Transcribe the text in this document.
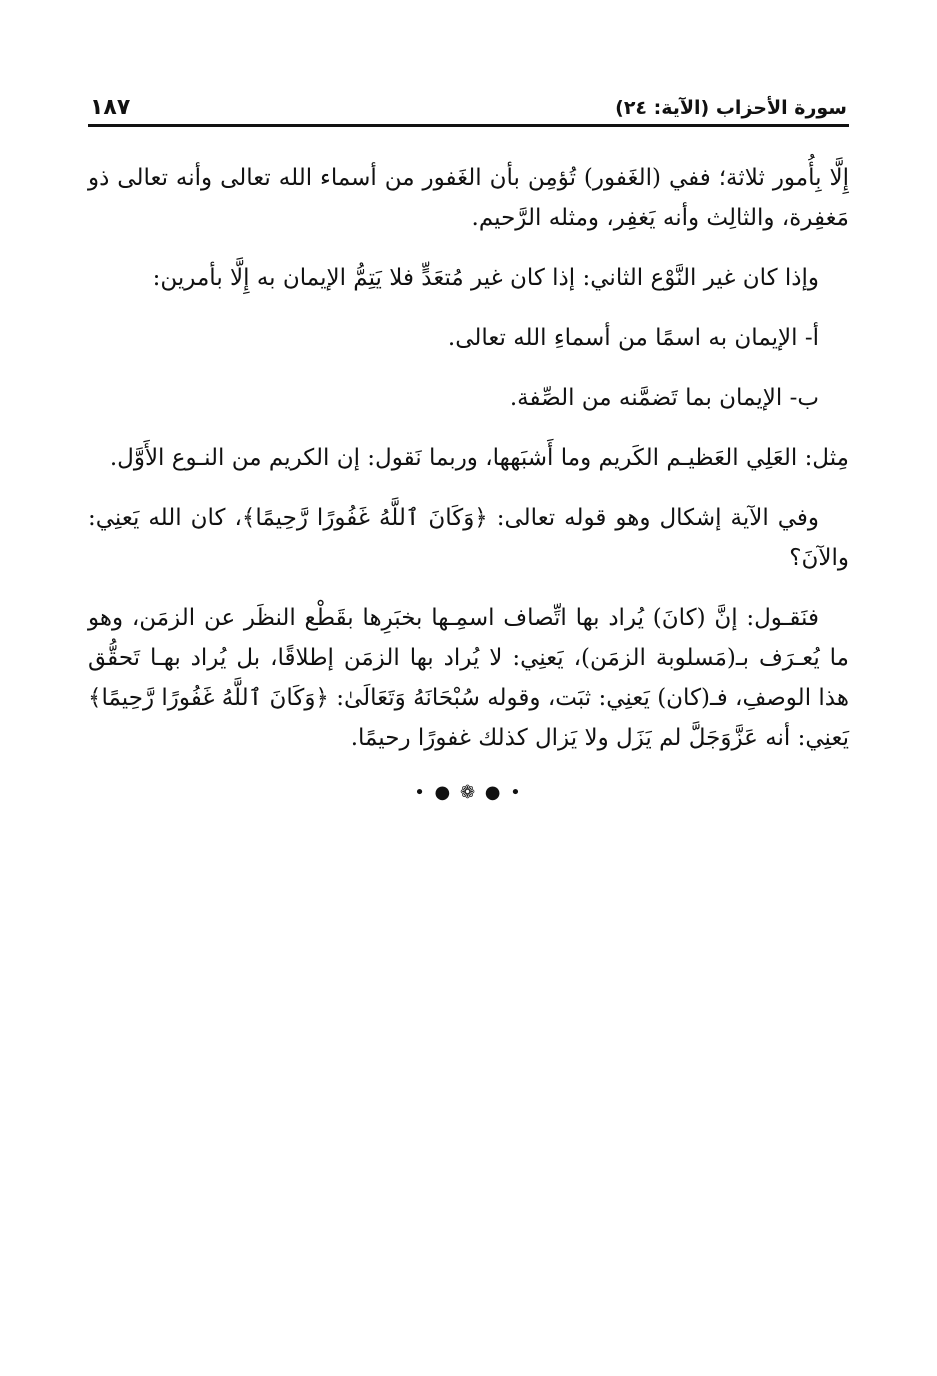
سورة الأحزاب (الآية: ٢٤)
١٨٧

إِلَّا بِأُمور ثلاثة؛ ففي (الغَفور) تُؤمِن بأن الغَفور من أسماء الله تعالى وأنه تعالى ذو مَغفِرة، والثالِث وأنه يَغفِر، ومثله الرَّحيم.

وإذا كان غير النَّوْع الثاني: إذا كان غير مُتعَدٍّ فلا يَتِمُّ الإيمان به إِلَّا بأمرين:

أ- الإيمان به اسمًا من أسماءِ الله تعالى.

ب- الإيمان بما تَضمَّنه من الصِّفة.

مِثل: العَلِي العَظيـم الكَريم وما أَشبَهها، وربما نَقول: إن الكريم من النـوع الأَوَّل.

وفي الآية إشكال وهو قوله تعالى: ﴿وَكَانَ ٱللَّهُ غَفُورًا رَّحِيمًا﴾، كان الله يَعنِي: والآنَ؟

فنَقـول: إنَّ (كانَ) يُراد بها اتِّصاف اسمِـها بخبَرِها بقَطْع النظَر عن الزمَن، وهو ما يُعـرَف بـ(مَسلوبة الزمَن)، يَعنِي: لا يُراد بها الزمَن إطلاقًا، بل يُراد بهـا تَحقُّق هذا الوصفِ، فـ(كان) يَعنِي: ثبَت، وقوله سُبْحَانَهُ وَتَعَالَىٰ: ﴿وَكَانَ ٱللَّهُ غَفُورًا رَّحِيمًا﴾ يَعنِي: أنه عَزَّوَجَلَّ لم يَزَل ولا يَزال كذلك غفورًا رحيمًا.

• ● ❁ ● •
